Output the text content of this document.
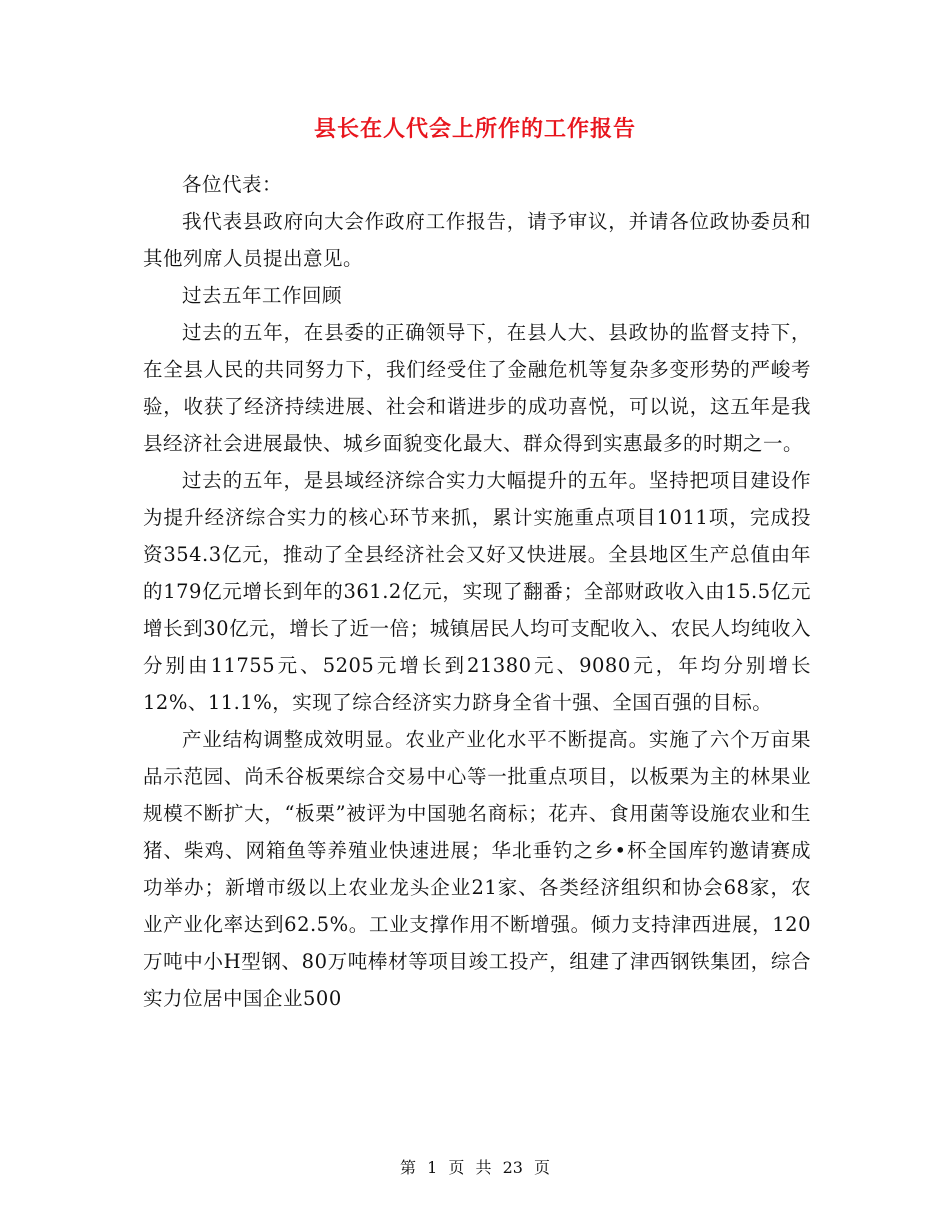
县长在人代会上所作的工作报告

各位代表：

我代表县政府向大会作政府工作报告，请予审议，并请各位政协委员和其他列席人员提出意见。

过去五年工作回顾

过去的五年，在县委的正确领导下，在县人大、县政协的监督支持下，在全县人民的共同努力下，我们经受住了金融危机等复杂多变形势的严峻考验，收获了经济持续进展、社会和谐进步的成功喜悦，可以说，这五年是我县经济社会进展最快、城乡面貌变化最大、群众得到实惠最多的时期之一。

过去的五年，是县域经济综合实力大幅提升的五年。坚持把项目建设作为提升经济综合实力的核心环节来抓，累计实施重点项目1011项，完成投资354.3亿元，推动了全县经济社会又好又快进展。全县地区生产总值由年的179亿元增长到年的361.2亿元，实现了翻番；全部财政收入由15.5亿元增长到30亿元，增长了近一倍；城镇居民人均可支配收入、农民人均纯收入分别由11755元、5205元增长到21380元、9080元，年均分别增长12%、11.1%，实现了综合经济实力跻身全省十强、全国百强的目标。

产业结构调整成效明显。农业产业化水平不断提高。实施了六个万亩果品示范园、尚禾谷板栗综合交易中心等一批重点项目，以板栗为主的林果业规模不断扩大，“板栗”被评为中国驰名商标；花卉、食用菌等设施农业和生猪、柴鸡、网箱鱼等养殖业快速进展；华北垂钓之乡•杯全国库钓邀请赛成功举办；新增市级以上农业龙头企业21家、各类经济组织和协会68家，农业产业化率达到62.5%。工业支撑作用不断增强。倾力支持津西进展，120万吨中小H型钢、80万吨棒材等项目竣工投产，组建了津西钢铁集团，综合实力位居中国企业500

第 1 页 共 23 页
